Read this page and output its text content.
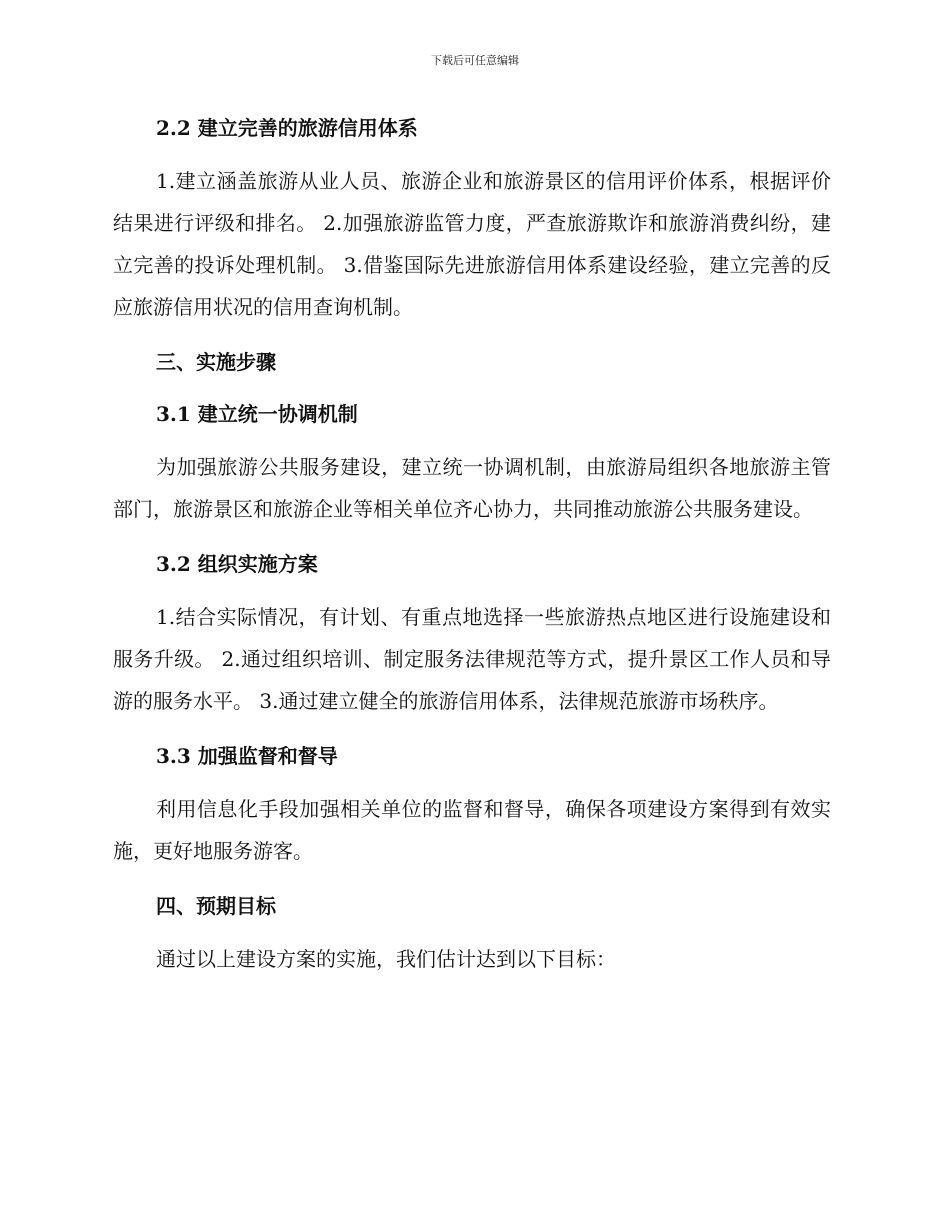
下载后可任意编辑
2.2 建立完善的旅游信用体系

1.建立涵盖旅游从业人员、旅游企业和旅游景区的信用评价体系，根据评价结果进行评级和排名。 2.加强旅游监管力度，严查旅游欺诈和旅游消费纠纷，建立完善的投诉处理机制。 3.借鉴国际先进旅游信用体系建设经验，建立完善的反应旅游信用状况的信用查询机制。

三、实施步骤
3.1 建立统一协调机制

为加强旅游公共服务建设，建立统一协调机制，由旅游局组织各地旅游主管部门，旅游景区和旅游企业等相关单位齐心协力，共同推动旅游公共服务建设。

3.2 组织实施方案

1.结合实际情况，有计划、有重点地选择一些旅游热点地区进行设施建设和服务升级。 2.通过组织培训、制定服务法律规范等方式，提升景区工作人员和导游的服务水平。 3.通过建立健全的旅游信用体系，法律规范旅游市场秩序。

3.3 加强监督和督导

利用信息化手段加强相关单位的监督和督导，确保各项建设方案得到有效实施，更好地服务游客。

四、预期目标

通过以上建设方案的实施，我们估计达到以下目标：
